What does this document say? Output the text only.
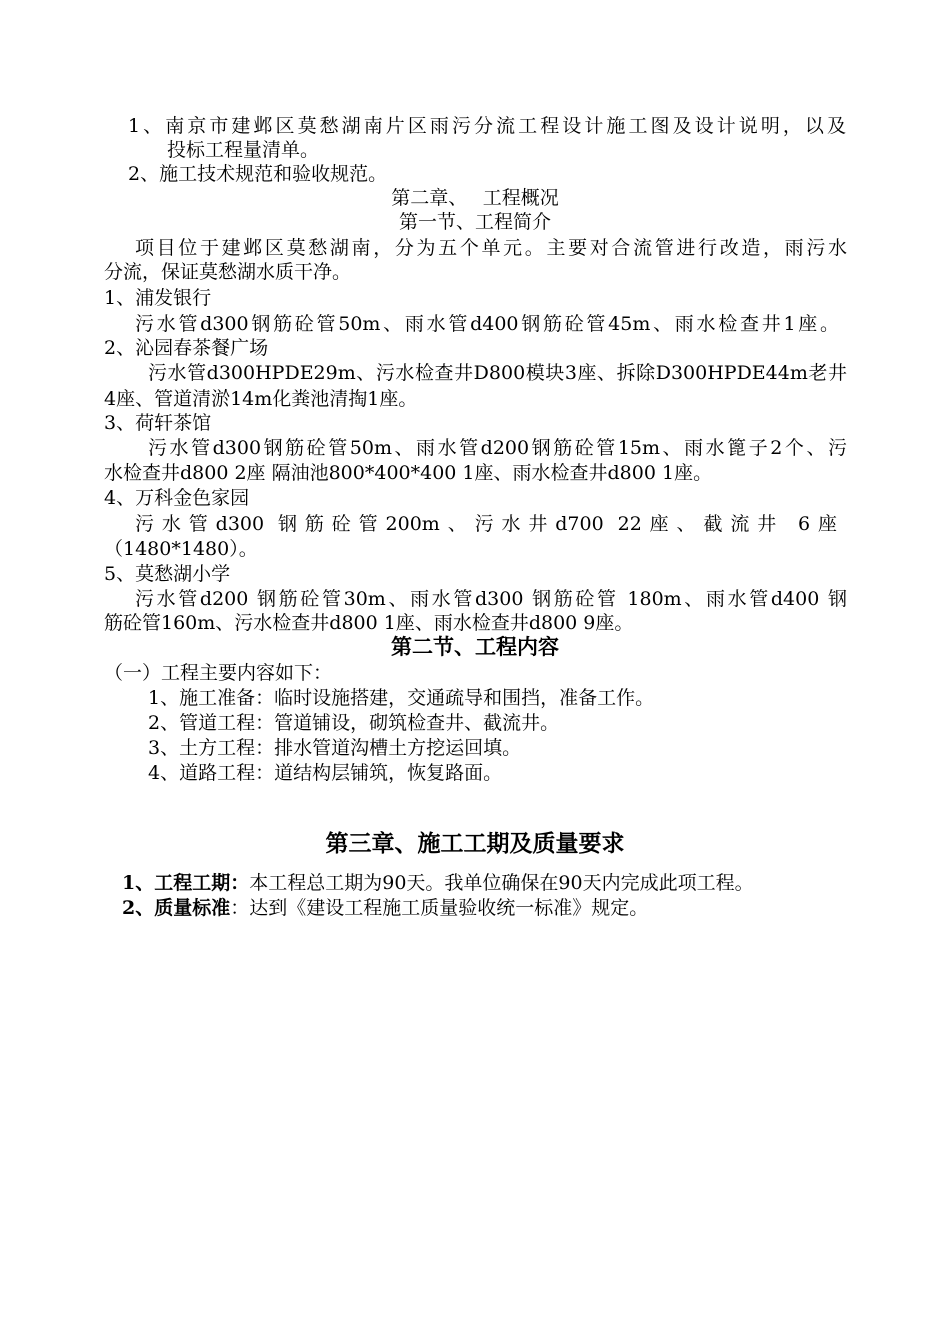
1、南京市建邺区莫愁湖南片区雨污分流工程设计施工图及设计说明，以及

投标工程量清单。

2、施工技术规范和验收规范。

第二章、　 工程概况

第一节、工程简介

项目位于建邺区莫愁湖南，分为五个单元。主要对合流管进行改造，雨污水

分流，保证莫愁湖水质干净。

1、浦发银行

污水管d300钢筋砼管50m、雨水管d400钢筋砼管45m、雨水检查井1座。

2、沁园春茶餐广场

污水管d300HPDE29m、污水检查井D800模块3座、拆除D300HPDE44m老井

4座、管道清淤14m化粪池清掏1座。

3、荷轩茶馆

污水管d300钢筋砼管50m、雨水管d200钢筋砼管15m、雨水篦子2个、污

水检查井d800 2座 隔油池800*400*400 1座、雨水检查井d800 1座。

4、万科金色家园

污水管d300 钢筋砼管200m、污水井d700 22座、截流井 6座

（1480*1480）。

5、莫愁湖小学

污水管d200 钢筋砼管30m、雨水管d300 钢筋砼管 180m、雨水管d400 钢

筋砼管160m、污水检查井d800 1座、雨水检查井d800 9座。

第二节、工程内容

（一）工程主要内容如下：

1、施工准备：临时设施搭建，交通疏导和围挡，准备工作。

2、管道工程：管道铺设，砌筑检查井、截流井。

3、土方工程：排水管道沟槽土方挖运回填。

4、道路工程：道结构层铺筑，恢复路面。

第三章、施工工期及质量要求

1、工程工期：本工程总工期为90天。我单位确保在90天内完成此项工程。

2、质量标准：达到《建设工程施工质量验收统一标准》规定。
